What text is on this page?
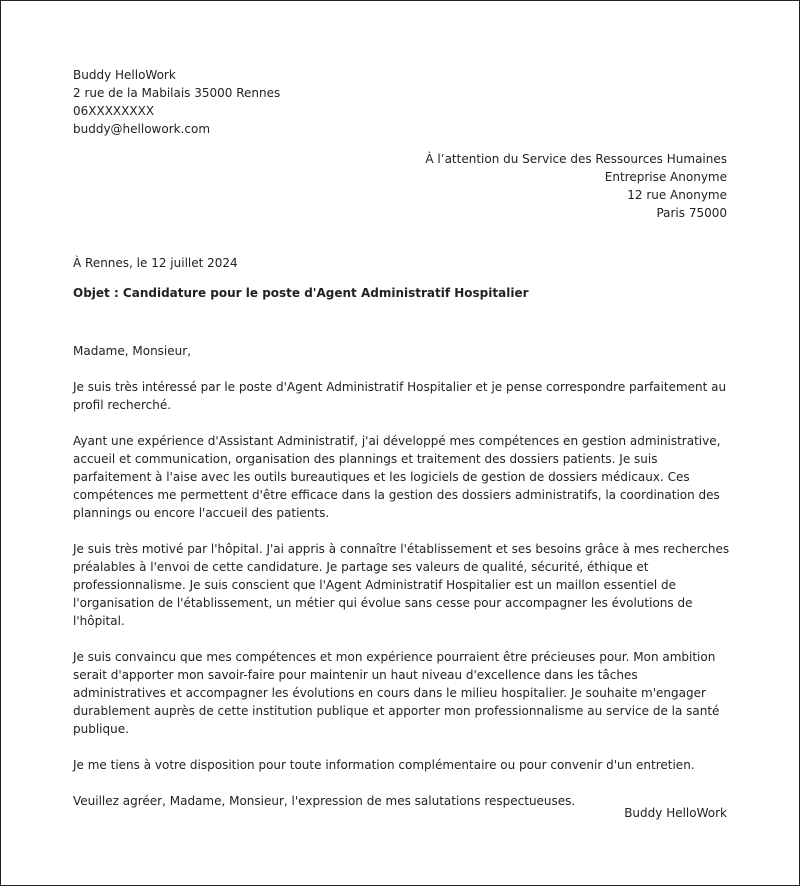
Buddy HelloWork
2 rue de la Mabilais 35000 Rennes
06XXXXXXXX
buddy@hellowork.com
À l’attention du Service des Ressources Humaines
Entreprise Anonyme
12 rue Anonyme
Paris 75000
À Rennes, le 12 juillet 2024
Objet : Candidature pour le poste d'Agent Administratif Hospitalier

Madame, Monsieur,

Je suis très intéressé par le poste d'Agent Administratif Hospitalier et je pense correspondre parfaitement au profil recherché.

Ayant une expérience d'Assistant Administratif, j'ai développé mes compétences en gestion administrative, accueil et communication, organisation des plannings et traitement des dossiers patients. Je suis parfaitement à l'aise avec les outils bureautiques et les logiciels de gestion de dossiers médicaux. Ces compétences me permettent d'être efficace dans la gestion des dossiers administratifs, la coordination des plannings ou encore l'accueil des patients.

Je suis très motivé par l'hôpital. J'ai appris à connaître l'établissement et ses besoins grâce à mes recherches préalables à l'envoi de cette candidature. Je partage ses valeurs de qualité, sécurité, éthique et professionnalisme. Je suis conscient que l'Agent Administratif Hospitalier est un maillon essentiel de l'organisation de l'établissement, un métier qui évolue sans cesse pour accompagner les évolutions de l'hôpital.

Je suis convaincu que mes compétences et mon expérience pourraient être précieuses pour. Mon ambition serait d'apporter mon savoir-faire pour maintenir un haut niveau d'excellence dans les tâches administratives et accompagner les évolutions en cours dans le milieu hospitalier. Je souhaite m'engager durablement auprès de cette institution publique et apporter mon professionnalisme au service de la santé publique.

Je me tiens à votre disposition pour toute information complémentaire ou pour convenir d'un entretien.

Veuillez agréer, Madame, Monsieur, l'expression de mes salutations respectueuses.

Buddy HelloWork
